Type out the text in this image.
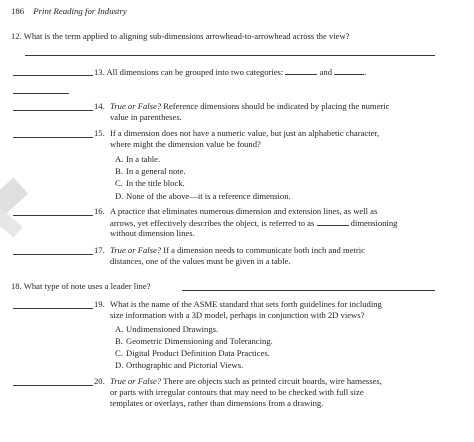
186 Print Reading for Industry
12. What is the term applied to aligning sub-dimensions arrowhead-to-arrowhead across the view?
13. All dimensions can be grouped into two categories:	and	.
14. True or False? Reference dimensions should be indicated by placing the numeric
value in parentheses.
15. If a dimension does not have a numeric value, but just an alphabetic character,
where might the dimension value be found?
A. In a table.
B. In a general note.
C. In the title block.
D. None of the above—it is a reference dimension.
16. A practice that eliminates numerous dimension and extension lines, as well as
arrows, yet effectively describes the object, is referred to as	dimensioning
without dimension lines.
17. True or False? If a dimension needs to communicate both inch and metric
distances, one of the values must be given in a table.
18. What type of note uses a leader line?
19. What is the name of the ASME standard that sets forth guidelines for including
size information with a 3D model, perhaps in conjunction with 2D views?
A. Undimensioned Drawings.
B. Geometric Dimensioning and Tolerancing.
C. Digital Product Definition Data Practices.
D. Orthographic and Pictorial Views.
20. True or False? There are objects such as printed circuit boards, wire harnesses,
or parts with irregular contours that may need to be checked with full size
templates or overlays, rather than dimensions from a drawing.
